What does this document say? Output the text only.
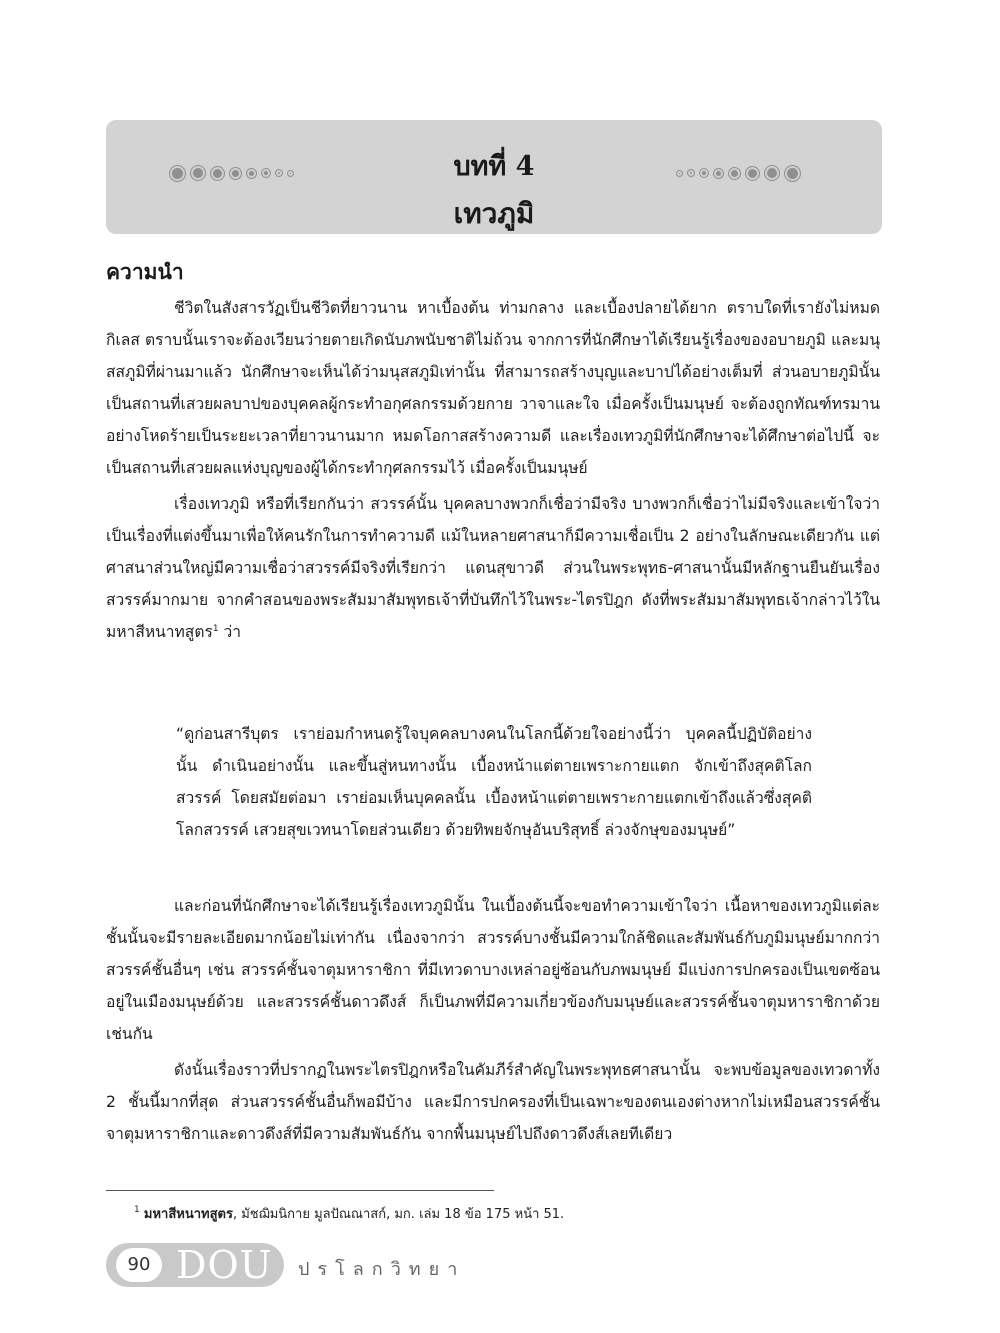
บทที่ 4
เทวภูมิ
ความนำ

ชีวิตในสังสารวัฏเป็นชีวิตที่ยาวนาน หาเบื้องต้น ท่ามกลาง และเบื้องปลายได้ยาก ตราบใดที่เรายังไม่หมดกิเลส ตราบนั้นเราจะต้องเวียนว่ายตายเกิดนับภพนับชาติไม่ถ้วน จากการที่นักศึกษาได้เรียนรู้เรื่องของอบายภูมิ และมนุสสภูมิที่ผ่านมาแล้ว นักศึกษาจะเห็นได้ว่ามนุสสภูมิเท่านั้น ที่สามารถสร้างบุญและบาปได้อย่างเต็มที่ ส่วนอบายภูมินั้น เป็นสถานที่เสวยผลบาปของบุคคลผู้กระทำอกุศลกรรมด้วยกาย วาจาและใจ เมื่อครั้งเป็นมนุษย์ จะต้องถูกทัณฑ์ทรมานอย่างโหดร้ายเป็นระยะเวลาที่ยาวนานมาก หมดโอกาสสร้างความดี และเรื่องเทวภูมิที่นักศึกษาจะได้ศึกษาต่อไปนี้ จะเป็นสถานที่เสวยผลแห่งบุญของผู้ได้กระทำกุศลกรรมไว้ เมื่อครั้งเป็นมนุษย์

เรื่องเทวภูมิ หรือที่เรียกกันว่า สวรรค์นั้น บุคคลบางพวกก็เชื่อว่ามีจริง บางพวกก็เชื่อว่าไม่มีจริงและเข้าใจว่าเป็นเรื่องที่แต่งขึ้นมาเพื่อให้คนรักในการทำความดี แม้ในหลายศาสนาก็มีความเชื่อเป็น 2 อย่างในลักษณะเดียวกัน แต่ศาสนาส่วนใหญ่มีความเชื่อว่าสวรรค์มีจริงที่เรียกว่า แดนสุขาวดี ส่วนในพระพุทธ-ศาสนานั้นมีหลักฐานยืนยันเรื่องสวรรค์มากมาย จากคำสอนของพระสัมมาสัมพุทธเจ้าที่บันทึกไว้ในพระ-ไตรปิฎก ดังที่พระสัมมาสัมพุทธเจ้ากล่าวไว้ใน มหาสีหนาทสูตร$^1$ ว่า

“ดูก่อนสารีบุตร เราย่อมกำหนดรู้ใจบุคคลบางคนในโลกนี้ด้วยใจอย่างนี้ว่า บุคคลนี้ปฏิบัติอย่างนั้น ดำเนินอย่างนั้น และขึ้นสู่หนทางนั้น เบื้องหน้าแต่ตายเพราะกายแตก จักเข้าถึงสุคติโลกสวรรค์ โดยสมัยต่อมา เราย่อมเห็นบุคคลนั้น เบื้องหน้าแต่ตายเพราะกายแตกเข้าถึงแล้วซึ่งสุคติโลกสวรรค์ เสวยสุขเวทนาโดยส่วนเดียว ด้วยทิพยจักษุอันบริสุทธิ์ ล่วงจักษุของมนุษย์”

และก่อนที่นักศึกษาจะได้เรียนรู้เรื่องเทวภูมินั้น ในเบื้องต้นนี้จะขอทำความเข้าใจว่า เนื้อหาของเทวภูมิแต่ละชั้นนั้นจะมีรายละเอียดมากน้อยไม่เท่ากัน เนื่องจากว่า สวรรค์บางชั้นมีความใกล้ชิดและสัมพันธ์กับภูมิมนุษย์มากกว่าสวรรค์ชั้นอื่นๆ เช่น สวรรค์ชั้นจาตุมหาราชิกา ที่มีเทวดาบางเหล่าอยู่ซ้อนกับภพมนุษย์ มีแบ่งการปกครองเป็นเขตซ้อนอยู่ในเมืองมนุษย์ด้วย และสวรรค์ชั้นดาวดึงส์ ก็เป็นภพที่มีความเกี่ยวข้องกับมนุษย์และสวรรค์ชั้นจาตุมหาราชิกาด้วยเช่นกัน

ดังนั้นเรื่องราวที่ปรากฏในพระไตรปิฎกหรือในคัมภีร์สำคัญในพระพุทธศาสนานั้น จะพบข้อมูลของเทวดาทั้ง 2 ชั้นนี้มากที่สุด ส่วนสวรรค์ชั้นอื่นก็พอมีบ้าง และมีการปกครองที่เป็นเฉพาะของตนเองต่างหากไม่เหมือนสวรรค์ชั้นจาตุมหาราชิกาและดาวดึงส์ที่มีความสัมพันธ์กัน จากพื้นมนุษย์ไปถึงดาวดึงส์เลยทีเดียว

$^1$ มหาสีหนาทสูตร, มัชฌิมนิกาย มูลปัณณาสก์, มก. เล่ม 18 ข้อ 175 หน้า 51.
90 DOU ปรโลกวิทยา
